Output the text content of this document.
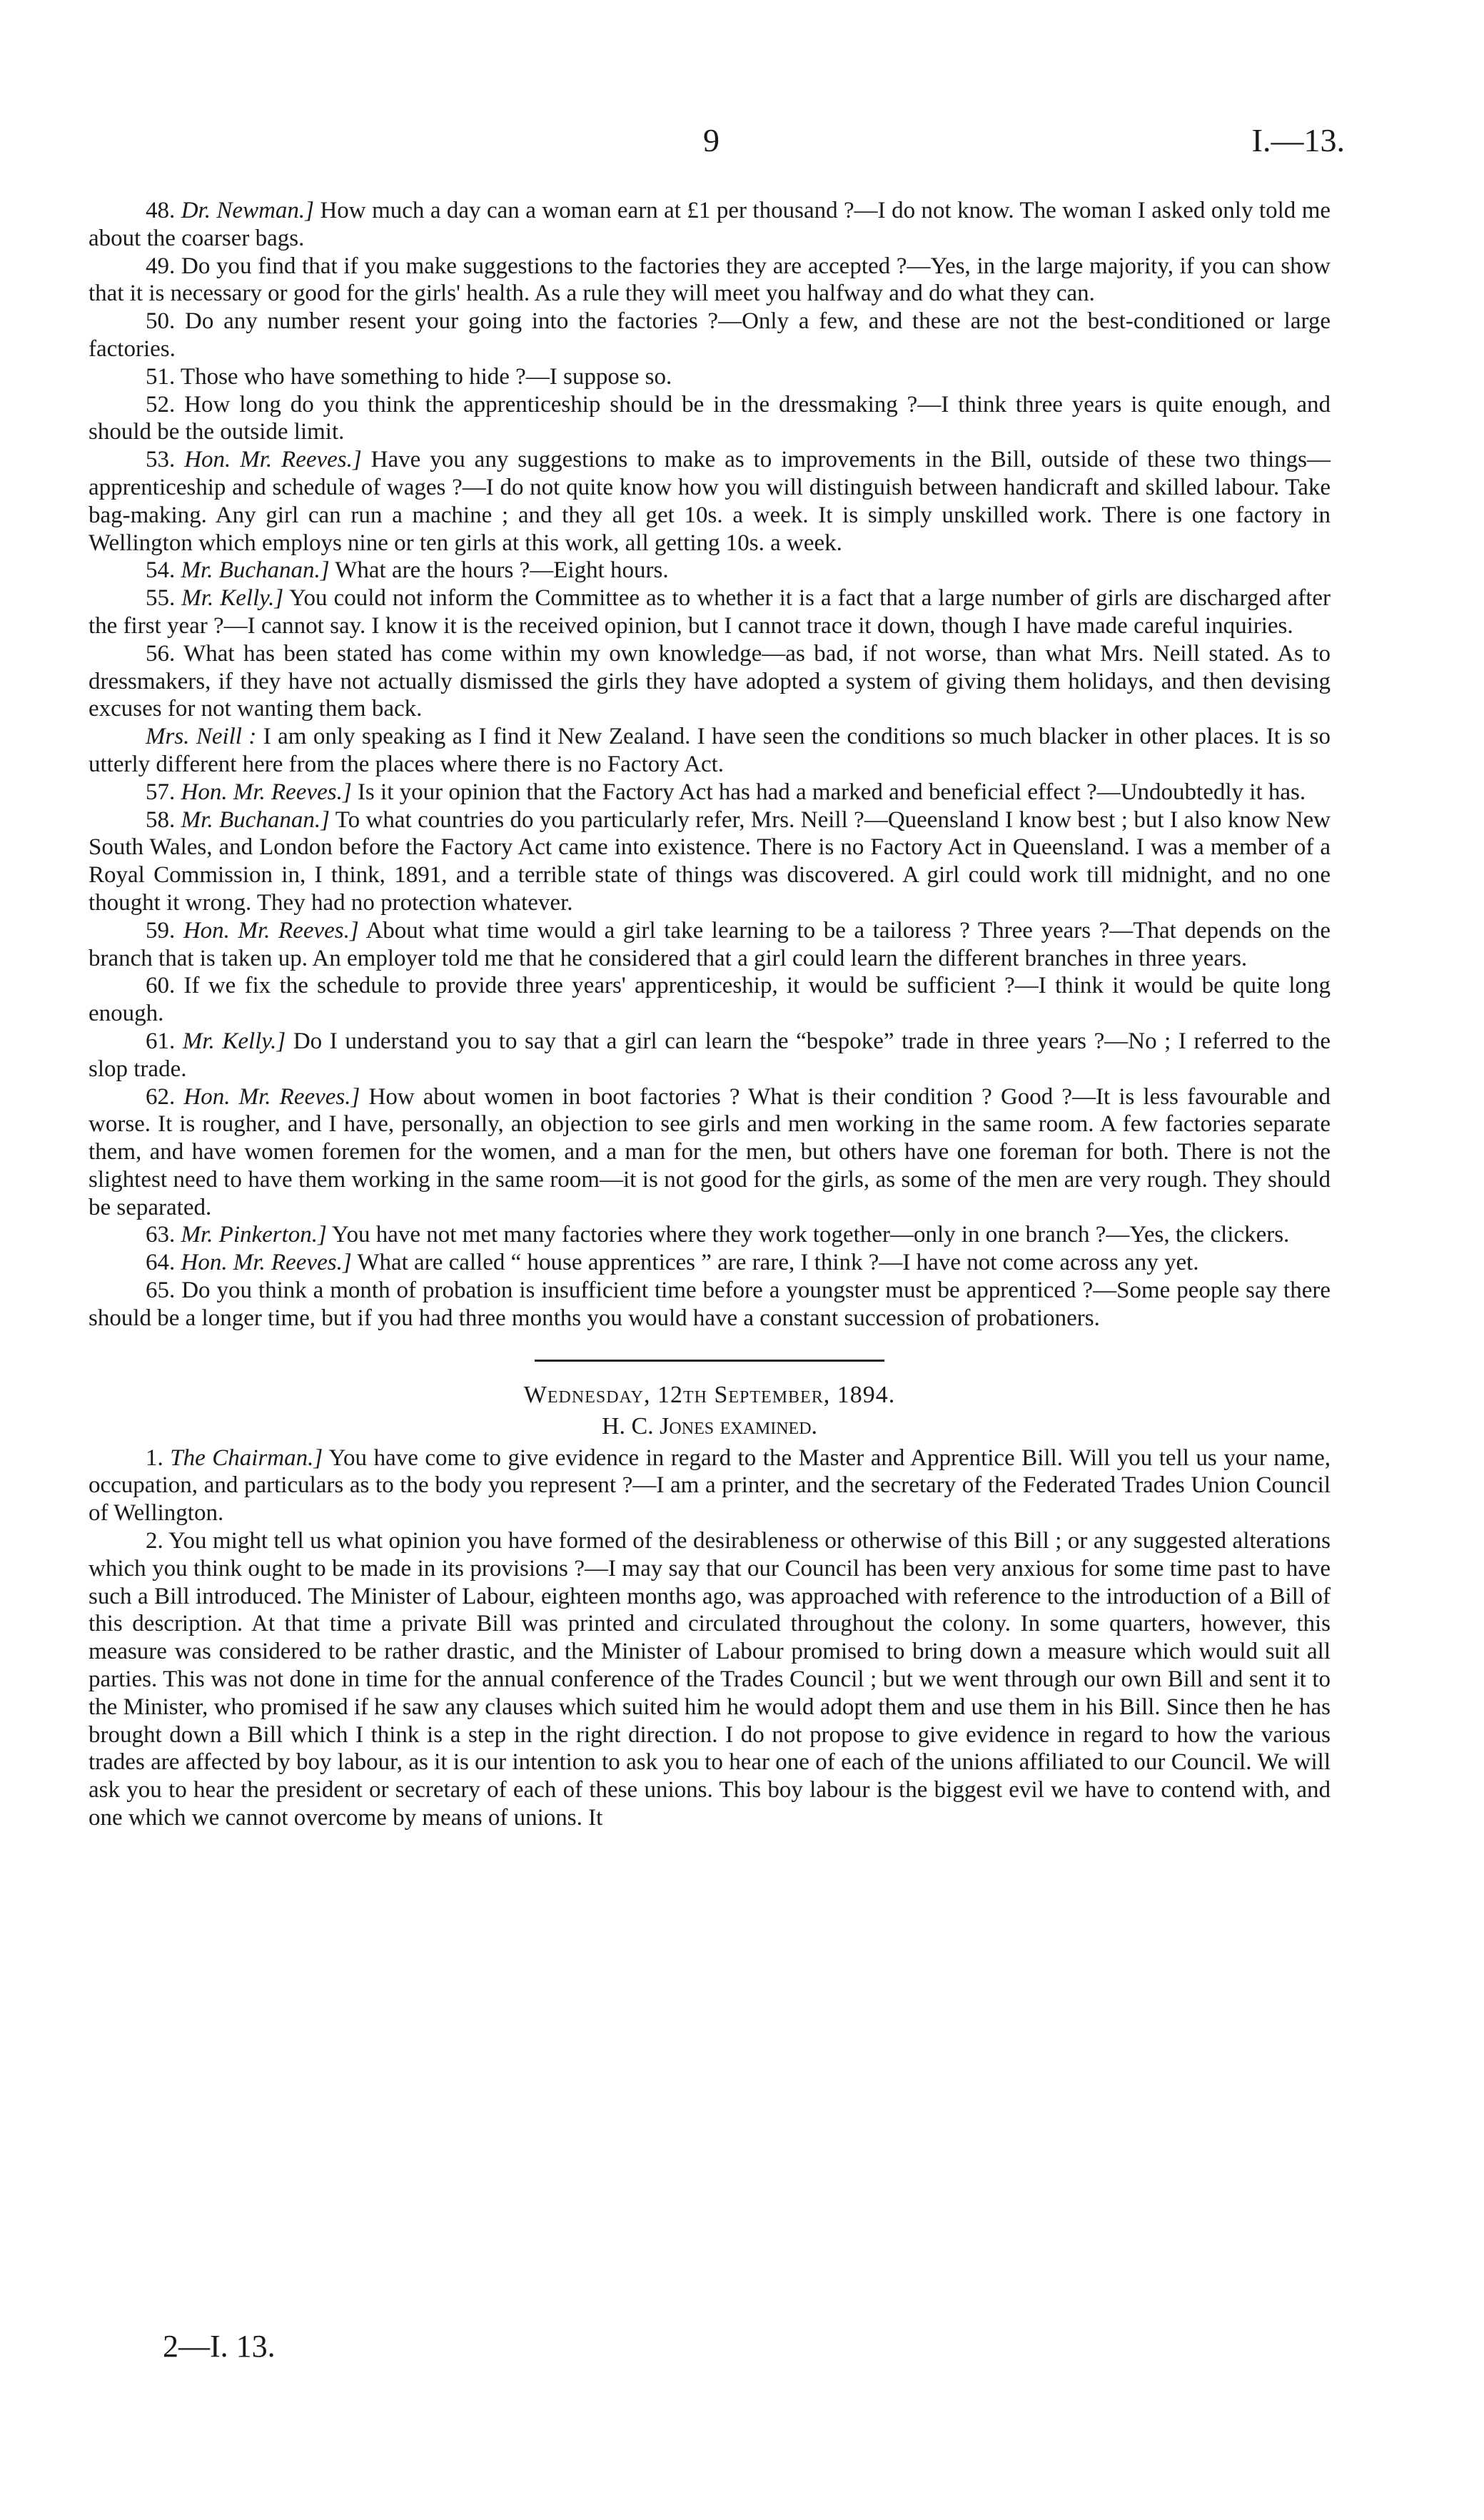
9	I.—13.

48. Dr. Newman.] How much a day can a woman earn at £1 per thousand ?—I do not know. The woman I asked only told me about the coarser bags.

49. Do you find that if you make suggestions to the factories they are accepted ?—Yes, in the large majority, if you can show that it is necessary or good for the girls' health. As a rule they will meet you halfway and do what they can.

50. Do any number resent your going into the factories ?—Only a few, and these are not the best-conditioned or large factories.

51. Those who have something to hide ?—I suppose so.

52. How long do you think the apprenticeship should be in the dressmaking ?—I think three years is quite enough, and should be the outside limit.

53. Hon. Mr. Reeves.] Have you any suggestions to make as to improvements in the Bill, outside of these two things—apprenticeship and schedule of wages ?—I do not quite know how you will distinguish between handicraft and skilled labour. Take bag-making. Any girl can run a machine ; and they all get 10s. a week. It is simply unskilled work. There is one factory in Wellington which employs nine or ten girls at this work, all getting 10s. a week.

54. Mr. Buchanan.] What are the hours ?—Eight hours.

55. Mr. Kelly.] You could not inform the Committee as to whether it is a fact that a large number of girls are discharged after the first year ?—I cannot say. I know it is the received opinion, but I cannot trace it down, though I have made careful inquiries.

56. What has been stated has come within my own knowledge—as bad, if not worse, than what Mrs. Neill stated. As to dressmakers, if they have not actually dismissed the girls they have adopted a system of giving them holidays, and then devising excuses for not wanting them back.

Mrs. Neill : I am only speaking as I find it New Zealand. I have seen the conditions so much blacker in other places. It is so utterly different here from the places where there is no Factory Act.

57. Hon. Mr. Reeves.] Is it your opinion that the Factory Act has had a marked and beneficial effect ?—Undoubtedly it has.

58. Mr. Buchanan.] To what countries do you particularly refer, Mrs. Neill ?—Queensland I know best ; but I also know New South Wales, and London before the Factory Act came into existence. There is no Factory Act in Queensland. I was a member of a Royal Commission in, I think, 1891, and a terrible state of things was discovered. A girl could work till midnight, and no one thought it wrong. They had no protection whatever.

59. Hon. Mr. Reeves.] About what time would a girl take learning to be a tailoress ? Three years ?—That depends on the branch that is taken up. An employer told me that he considered that a girl could learn the different branches in three years.

60. If we fix the schedule to provide three years' apprenticeship, it would be sufficient ?—I think it would be quite long enough.

61. Mr. Kelly.] Do I understand you to say that a girl can learn the “bespoke” trade in three years ?—No ; I referred to the slop trade.

62. Hon. Mr. Reeves.] How about women in boot factories ? What is their condition ? Good ?—It is less favourable and worse. It is rougher, and I have, personally, an objection to see girls and men working in the same room. A few factories separate them, and have women foremen for the women, and a man for the men, but others have one foreman for both. There is not the slightest need to have them working in the same room—it is not good for the girls, as some of the men are very rough. They should be separated.

63. Mr. Pinkerton.] You have not met many factories where they work together—only in one branch ?—Yes, the clickers.

64. Hon. Mr. Reeves.] What are called “ house apprentices ” are rare, I think ?—I have not come across any yet.

65. Do you think a month of probation is insufficient time before a youngster must be apprenticed ?—Some people say there should be a longer time, but if you had three months you would have a constant succession of probationers.

Wednesday, 12th September, 1894.

H. C. Jones examined.

1. The Chairman.] You have come to give evidence in regard to the Master and Apprentice Bill. Will you tell us your name, occupation, and particulars as to the body you represent ?—I am a printer, and the secretary of the Federated Trades Union Council of Wellington.

2. You might tell us what opinion you have formed of the desirableness or otherwise of this Bill ; or any suggested alterations which you think ought to be made in its provisions ?—I may say that our Council has been very anxious for some time past to have such a Bill introduced. The Minister of Labour, eighteen months ago, was approached with reference to the introduction of a Bill of this description. At that time a private Bill was printed and circulated throughout the colony. In some quarters, however, this measure was considered to be rather drastic, and the Minister of Labour promised to bring down a measure which would suit all parties. This was not done in time for the annual conference of the Trades Council ; but we went through our own Bill and sent it to the Minister, who promised if he saw any clauses which suited him he would adopt them and use them in his Bill. Since then he has brought down a Bill which I think is a step in the right direction. I do not propose to give evidence in regard to how the various trades are affected by boy labour, as it is our intention to ask you to hear one of each of the unions affiliated to our Council. We will ask you to hear the president or secretary of each of these unions. This boy labour is the biggest evil we have to contend with, and one which we cannot overcome by means of unions. It

2—I. 13.
